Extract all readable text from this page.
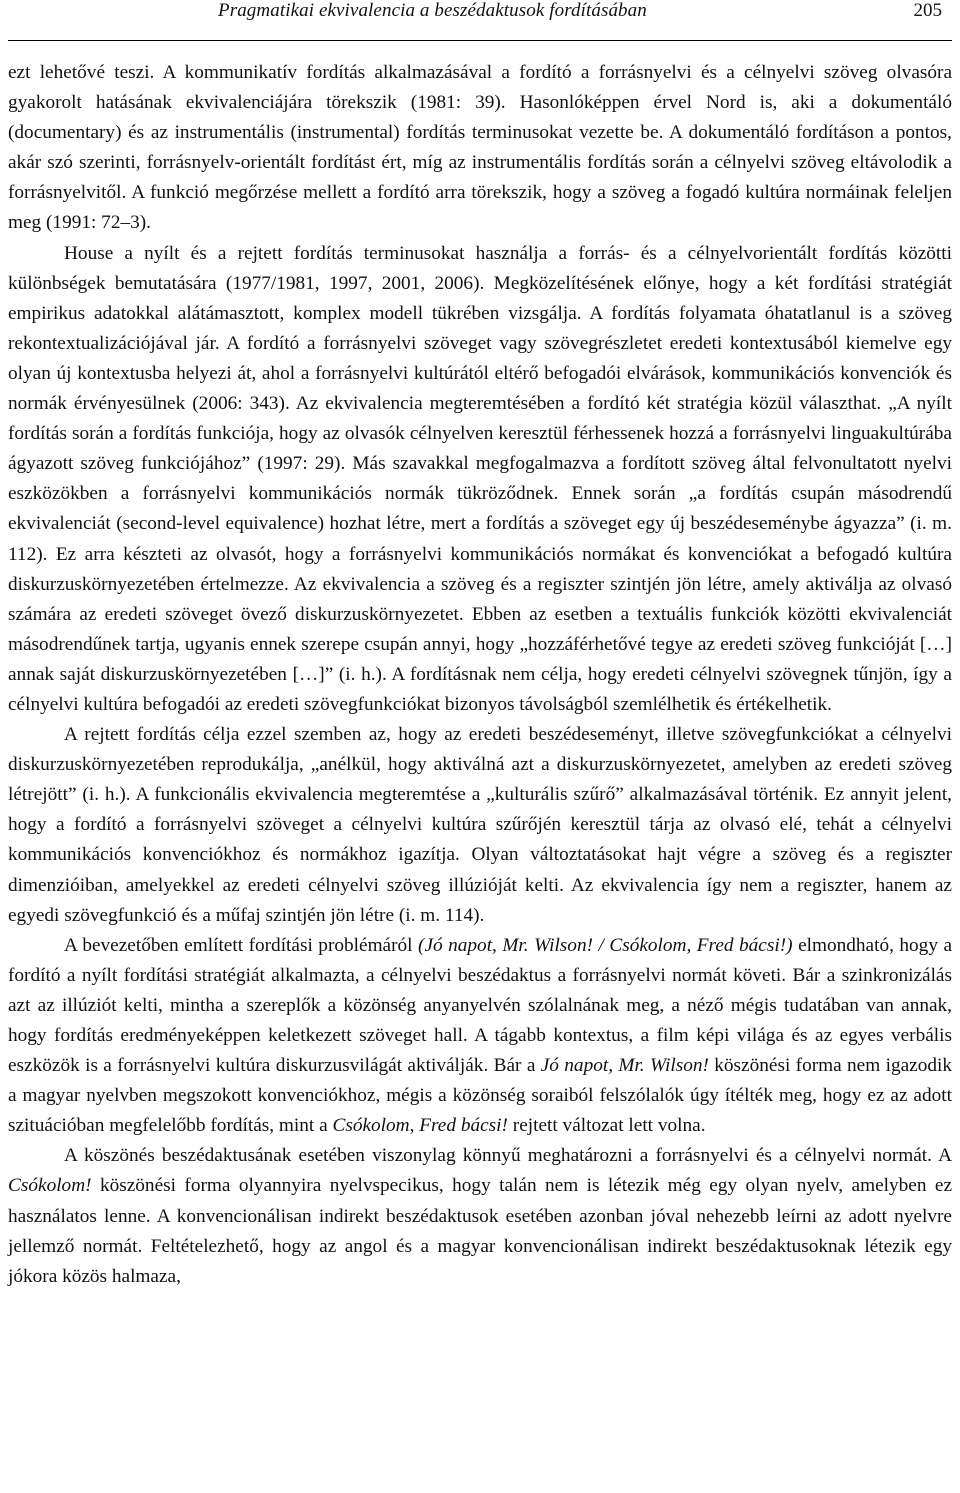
Pragmatikai ekvivalencia a beszédaktusok fordításában	205

ezt lehetővé teszi. A kommunikatív fordítás alkalmazásával a fordító a forrásnyelvi és a célnyelvi szöveg olvasóra gyakorolt hatásának ekvivalenciájára törekszik (1981: 39). Hasonlóképpen érvel Nord is, aki a dokumentáló (documentary) és az instrumentális (instrumental) fordítás terminusokat vezette be. A dokumentáló fordításon a pontos, akár szó szerinti, forrásnyelv-orientált fordítást ért, míg az instrumentális fordítás során a célnyelvi szöveg eltávolodik a forrásnyelvitől. A funkció megőrzése mellett a fordító arra törekszik, hogy a szöveg a fogadó kultúra normáinak feleljen meg (1991: 72–3).

House a nyílt és a rejtett fordítás terminusokat használja a forrás- és a célnyelvorientált fordítás közötti különbségek bemutatására (1977/1981, 1997, 2001, 2006). Megközelítésének előnye, hogy a két fordítási stratégiát empirikus adatokkal alátámasztott, komplex modell tükrében vizsgálja. A fordítás folyamata óhatatlanul is a szöveg rekontextualizációjával jár. A fordító a forrásnyelvi szöveget vagy szövegrészletet eredeti kontextusából kiemelve egy olyan új kontextusba helyezi át, ahol a forrásnyelvi kultúrától eltérő befogadói elvárások, kommunikációs konvenciók és normák érvényesülnek (2006: 343). Az ekvivalencia megteremtésében a fordító két stratégia közül választhat. „A nyílt fordítás során a fordítás funkciója, hogy az olvasók célnyelven keresztül férhessenek hozzá a forrásnyelvi linguakultúrába ágyazott szöveg funkciójához” (1997: 29). Más szavakkal megfogalmazva a fordított szöveg által felvonultatott nyelvi eszközökben a forrásnyelvi kommunikációs normák tükröződnek. Ennek során „a fordítás csupán másodrendű ekvivalenciát (second-level equivalence) hozhat létre, mert a fordítás a szöveget egy új beszédeseménybe ágyazza” (i. m. 112). Ez arra készteti az olvasót, hogy a forrásnyelvi kommunikációs normákat és konvenciókat a befogadó kultúra diskurzuskörnyezetében értelmezze. Az ekvivalencia a szöveg és a regiszter szintjén jön létre, amely aktiválja az olvasó számára az eredeti szöveget övező diskurzuskörnyezetet. Ebben az esetben a textuális funkciók közötti ekvivalenciát másodrendűnek tartja, ugyanis ennek szerepe csupán annyi, hogy „hozzáférhetővé tegye az eredeti szöveg funkcióját […] annak saját diskurzuskörnyezetében […]” (i. h.). A fordításnak nem célja, hogy eredeti célnyelvi szövegnek tűnjön, így a célnyelvi kultúra befogadói az eredeti szövegfunkciókat bizonyos távolságból szemlélhetik és értékelhetik.

A rejtett fordítás célja ezzel szemben az, hogy az eredeti beszédeseményt, illetve szövegfunkciókat a célnyelvi diskurzuskörnyezetében reprodukálja, „anélkül, hogy aktiválná azt a diskurzuskörnyezetet, amelyben az eredeti szöveg létrejött” (i. h.). A funkcionális ekvivalencia megteremtése a „kulturális szűrő” alkalmazásával történik. Ez annyit jelent, hogy a fordító a forrásnyelvi szöveget a célnyelvi kultúra szűrőjén keresztül tárja az olvasó elé, tehát a célnyelvi kommunikációs konvenciókhoz és normákhoz igazítja. Olyan változtatásokat hajt végre a szöveg és a regiszter dimenzióiban, amelyekkel az eredeti célnyelvi szöveg illúzióját kelti. Az ekvivalencia így nem a regiszter, hanem az egyedi szövegfunkció és a műfaj szintjén jön létre (i. m. 114).

A bevezetőben említett fordítási problémáról (Jó napot, Mr. Wilson! / Csókolom, Fred bácsi!) elmondható, hogy a fordító a nyílt fordítási stratégiát alkalmazta, a célnyelvi beszédaktus a forrásnyelvi normát követi. Bár a szinkronizálás azt az illúziót kelti, mintha a szereplők a közönség anyanyelvén szólalnának meg, a néző mégis tudatában van annak, hogy fordítás eredményeképpen keletkezett szöveget hall. A tágabb kontextus, a film képi világa és az egyes verbális eszközök is a forrásnyelvi kultúra diskurzusvilágát aktiválják. Bár a Jó napot, Mr. Wilson! köszönési forma nem igazodik a magyar nyelvben megszokott konvenciókhoz, mégis a közönség soraiból felszólalók úgy ítélték meg, hogy ez az adott szituációban megfelelőbb fordítás, mint a Csókolom, Fred bácsi! rejtett változat lett volna.

A köszönés beszédaktusának esetében viszonylag könnyű meghatározni a forrásnyelvi és a célnyelvi normát. A Csókolom! köszönési forma olyannyira nyelvspecikus, hogy talán nem is létezik még egy olyan nyelv, amelyben ez használatos lenne. A konvencionálisan indirekt beszédaktusok esetében azonban jóval nehezebb leírni az adott nyelvre jellemző normát. Feltételezhető, hogy az angol és a magyar konvencionálisan indirekt beszédaktusoknak létezik egy jókora közös halmaza,
